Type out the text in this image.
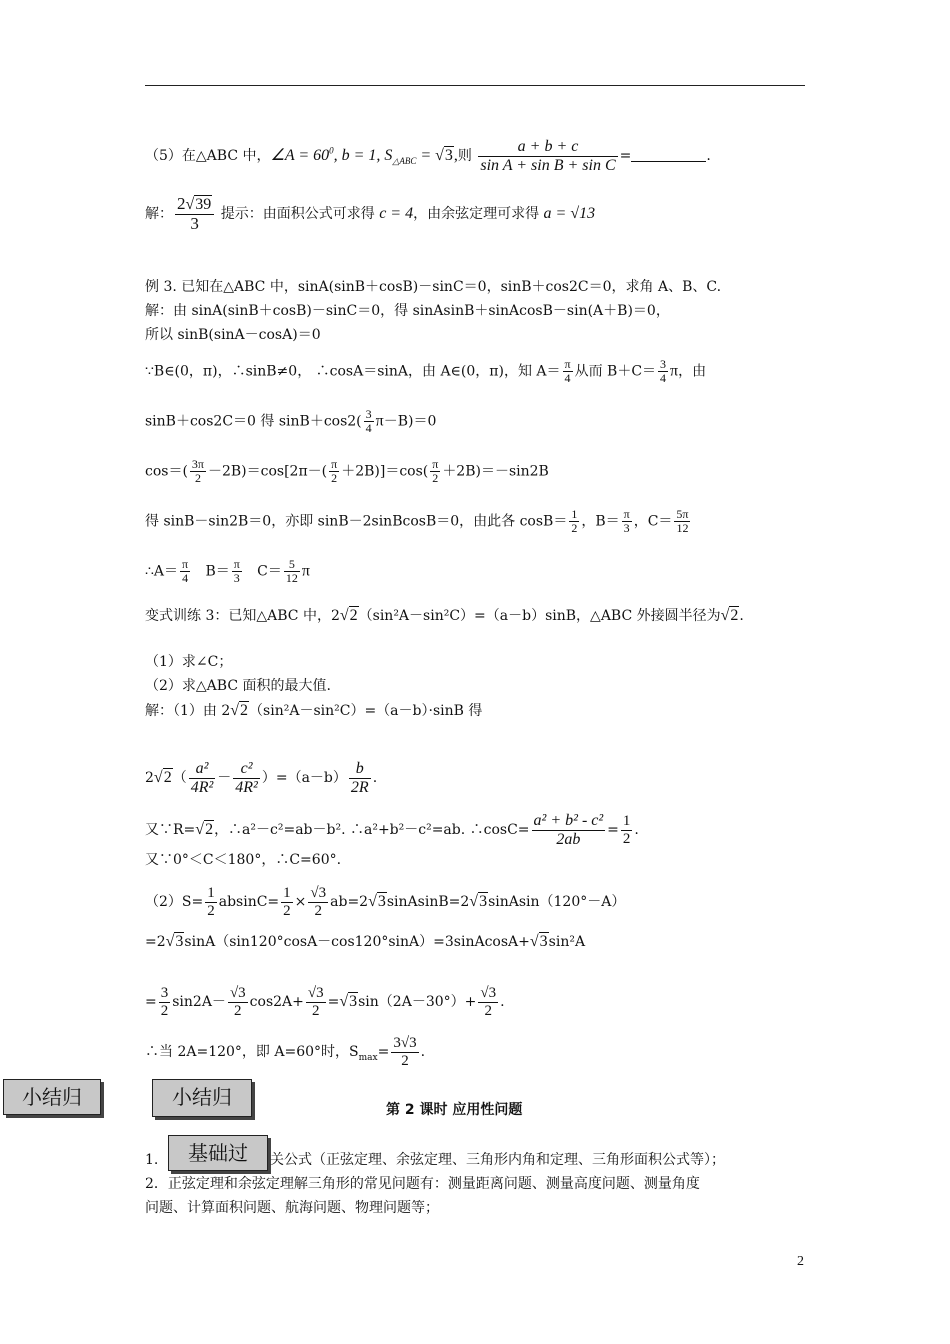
（5）在△ABC 中，∠A = $60^0$, b = 1, $S_{\triangle ABC} = √3$,则 $\frac{a + b + c}{\text{sin A + sin B + sin C}}$ =	.
解： $\frac{2√39}{3}$ 提示：由面积公式可求得 c = 4，由余弦定理可求得 a = √13
例 3. 已知在△ABC 中，sinA(sinB＋cosB)－sinC＝0，sinB＋cos2C＝0，求角 A、B、C.
解：由 sinA(sinB＋cosB)－sinC＝0，得 sinAsinB＋sinAcosB－sin(A＋B)＝0，
所以 sinB(sinA－cosA)＝0
∵B∈(0，π)，∴sinB≠0， ∴cosA＝sinA，由 A∈(0，π)，知 $A= \frac{\pi}{4}$ 从而 $B+C= \frac{3}{4}$ π，由
sinB＋cos2C＝0 得 $\sin B+\cos 2( \frac{3}{4} \pi-B)=0$
$\cos=( \frac{3\pi}{2} -2B)=\cos[2\pi-( \frac{\pi}{2} +2B)]=\cos( \frac{\pi}{2} +2B)=-\sin 2B$
得 sinB－sin2B＝0，亦即 sinB－2sinBcosB＝0，由此各 $\cos B= \frac{1}{2}$ ，$B= \frac{\pi}{3}$ ，$C= \frac{5\pi}{12}$
∴A＝ $\frac{\pi}{4} B= \frac{\pi}{3} C= \frac{5}{12}$ π
变式训练 3：已知△ABC 中，2√2（sin²A－sin²C）=（a－b）sinB，△ABC 外接圆半径为√2.
（1）求∠C；
（2）求△ABC 面积的最大值.
解：（1）由 2√2（sin²A－sin²C）=（a－b）·sinB 得
$2√2( \frac{\text{a²}}{\text{4R²}} - \frac{\text{c²}}{\text{4R²}} )=(a-b) \frac{b}{2R}$ .
又∵R=√2，∴a²－c²=ab－b². ∴a²+b²－c²=ab. ∴cosC= $\frac{\text{a² + b² - c²}}{2ab} = \frac{1}{2}$ .
又∵0°＜C＜180°，∴C=60°.
$(2)S= \frac{1}{2} absinC= \frac{1}{2} \times \frac{√3}{2}$ ab=2√3sinAsinB=2√3sinAsin（120°－A）
=2√3sinA（sin120°cosA－cos120°sinA）=3sinAcosA+√3sin²A
= $\frac{3}{2} \sin 2A- \frac{√3}{2} \cos 2A+ \frac{√3}{2} =√3\sin(2A-30^\circ)+ \frac{√3}{2}$ .
∴当 2A=120°，即 A=60°时，$S_{max}= \frac{3√3}{2}$ .
小结归	小结归
第 2 课时 应用性问题
1.	基础过	关公式（正弦定理、余弦定理、三角形内角和定理、三角形面积公式等）；
2．正弦定理和余弦定理解三角形的常见问题有：测量距离问题、测量高度问题、测量角度
问题、计算面积问题、航海问题、物理问题等；
2
